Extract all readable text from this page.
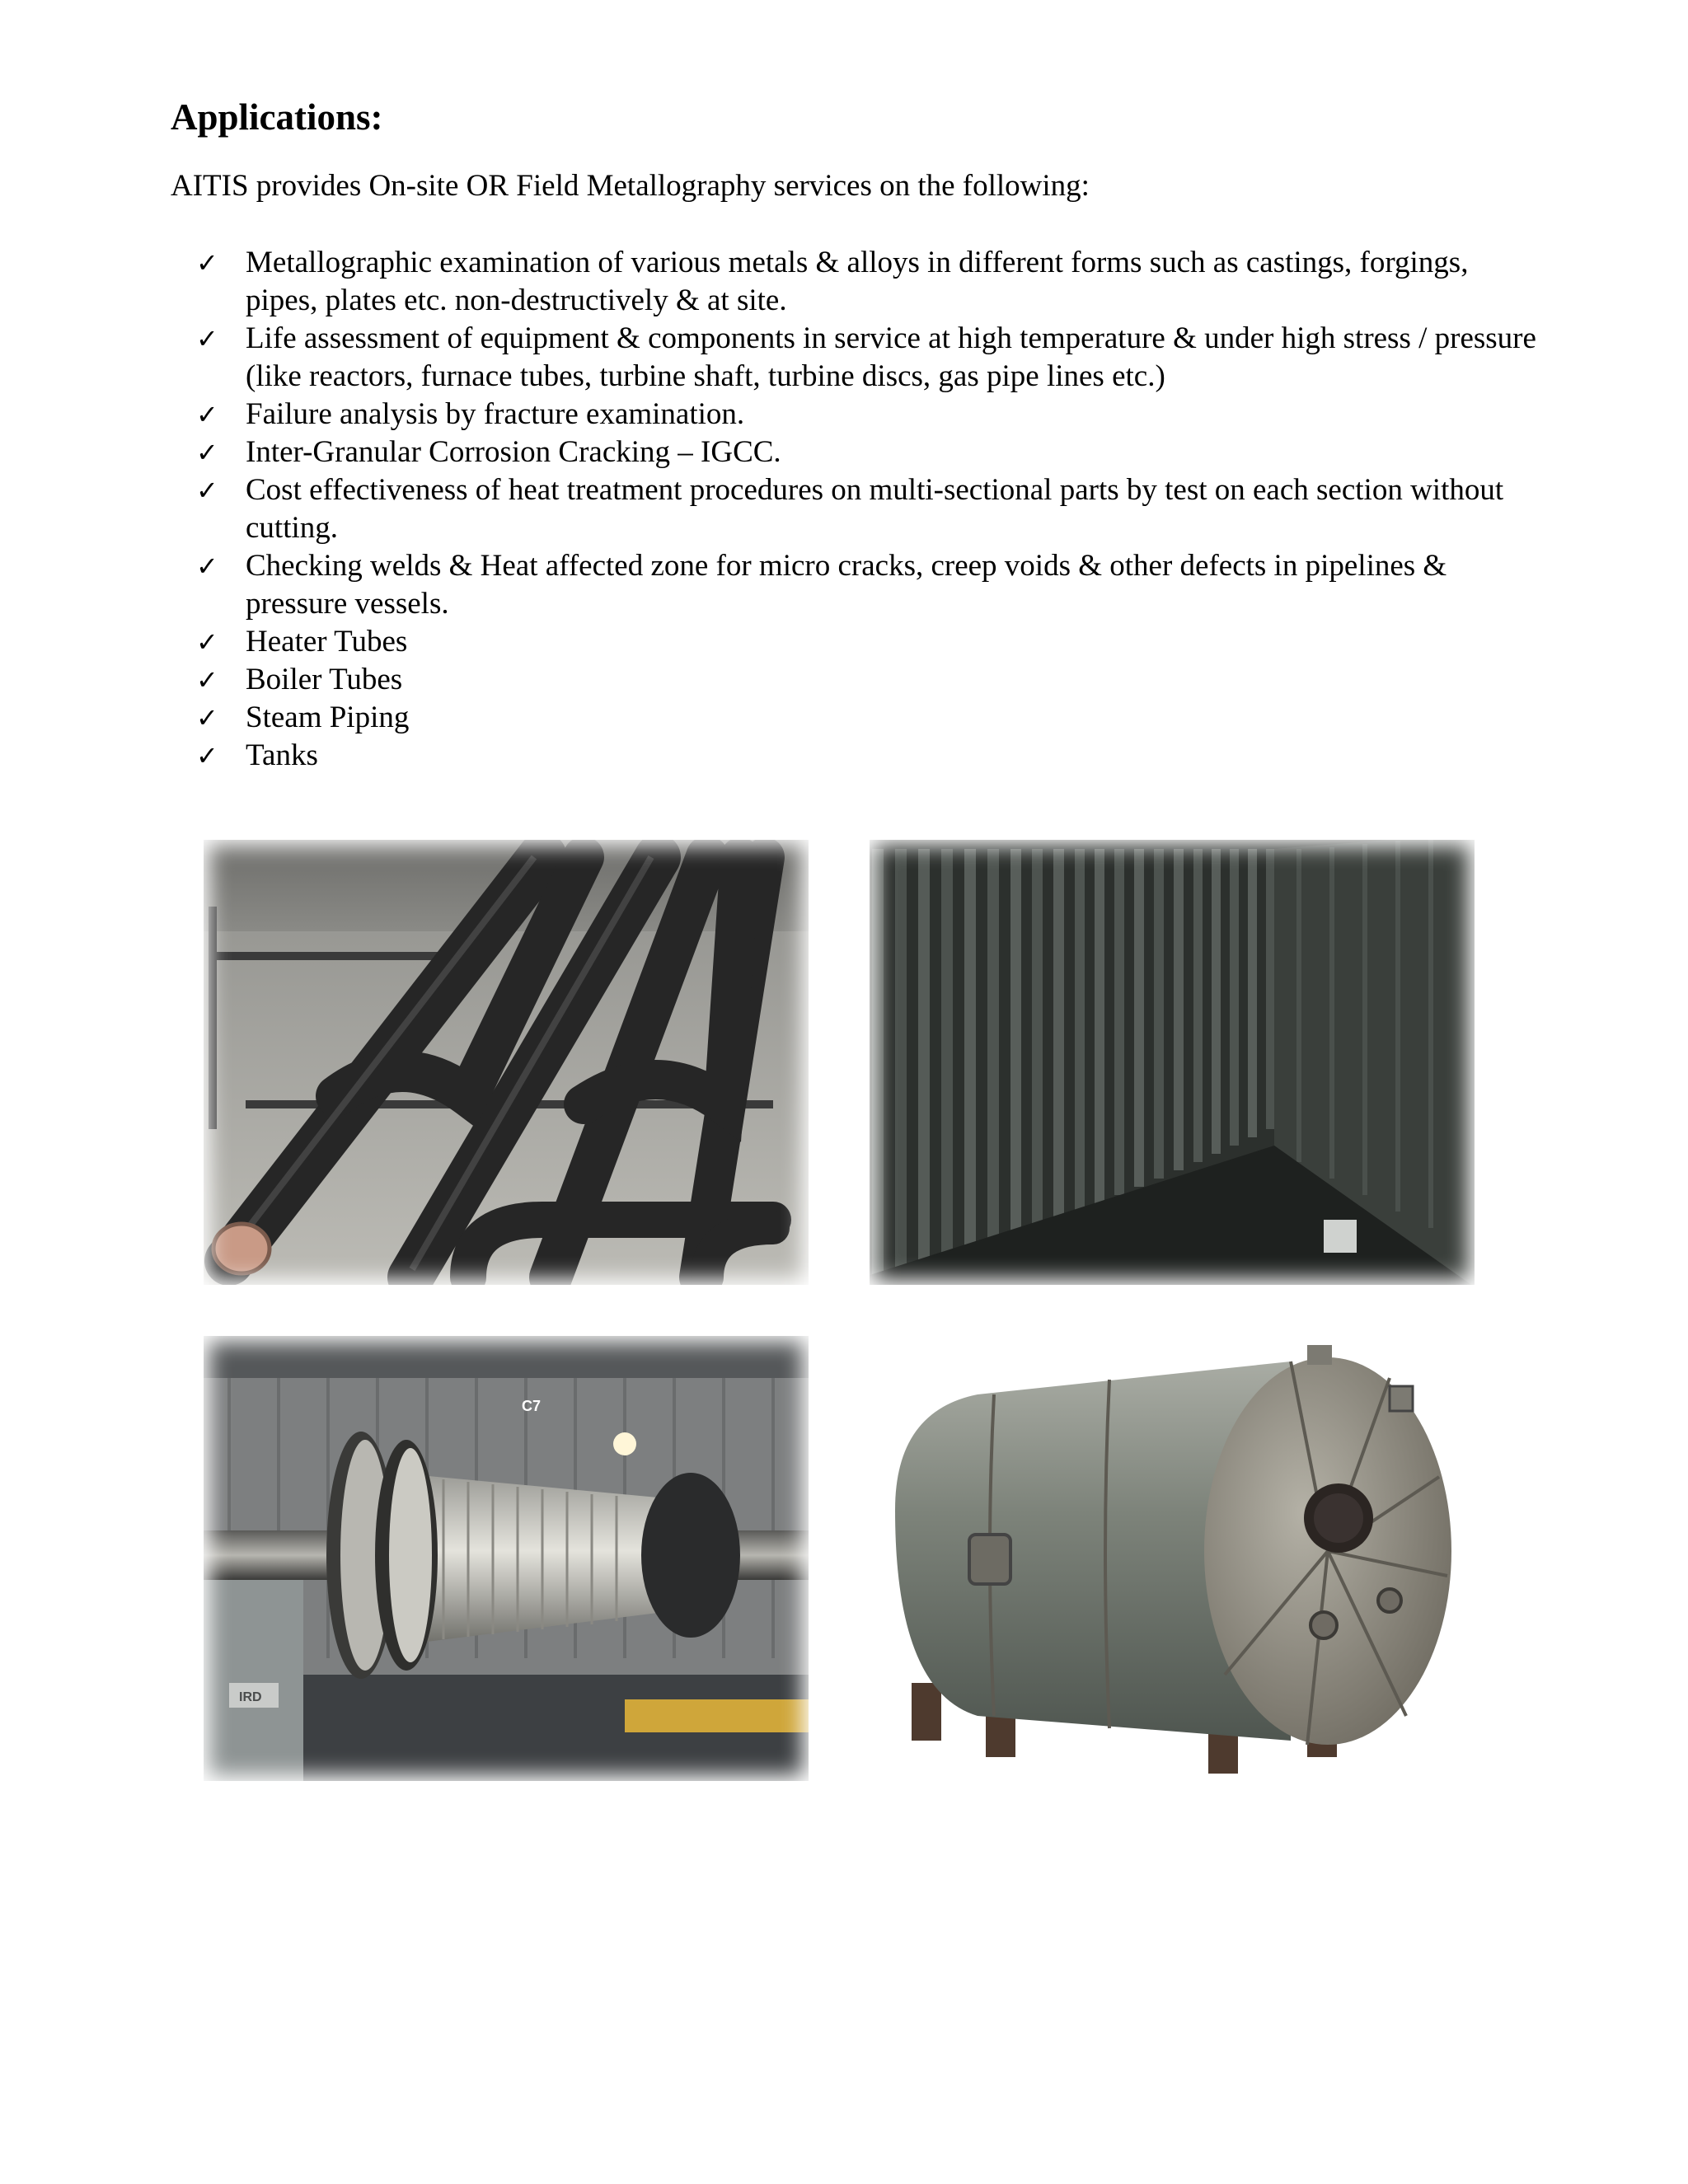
Applications:

AITIS provides On-site OR Field Metallography services on the following:

✓ Metallographic examination of various metals & alloys in different forms such as castings, forgings, pipes, plates etc. non-destructively & at site.
✓ Life assessment of equipment & components in service at high temperature & under high stress / pressure (like reactors, furnace tubes, turbine shaft, turbine discs, gas pipe lines etc.)
✓ Failure analysis by fracture examination.
✓ Inter-Granular Corrosion Cracking – IGCC.
✓ Cost effectiveness of heat treatment procedures on multi-sectional parts by test on each section without cutting.
✓ Checking welds & Heat affected zone for micro cracks, creep voids & other defects in pipelines & pressure vessels.
✓ Heater Tubes
✓ Boiler Tubes
✓ Steam Piping
✓ Tanks
C7
IRD
